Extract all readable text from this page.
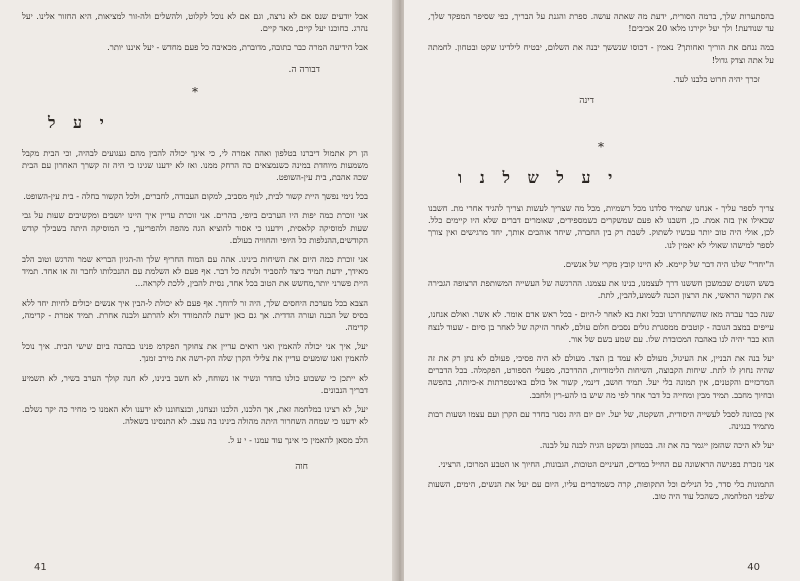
אבל יודעים שנס אם לא נרצה, וגם אם לא נוכל לקלוט, ולהשלים ולה-זור למציאות, היא החזור אלינו. יעל נהרג. כחוכנו יעל קיים, מאד קיים.

אבל הידיעה המרה כבר כתובה, מדוברת, מכאיבה כל פעם מחדש - יעל איננו יותר.

דבורה ה.
*
י ע ל

הן רק אתמול דיברנו בטלפון ואהה אמרה לי, כי אינך יכולה להבין מהם געגועים לבהיה, וכי הבית מקבל משמעות מיוחדת במינה כשנמצאים כה הרחק ממנו. ואז לא ידענו שגינו כי היה זה קשרך האחרון עם הבית שכה אהבת, בית עין-השופט.

בכל נימי נפשך היית קשור לבית, לנוף מסביב, למקום העבודה, לחברים, ולכל הקשור בחלה - בית עין-השופט.

אני זוכרת כמה יפות היו הערבים ביופי, בהרים. אני זוכרת עדיין איך היינו יושבים ומקשיבים שעות על גבי שעות למוסיקה קלאסית, וידענו כי אסור להוציא הגה מהפה ולהפריעך, כי המוסיקה היתה בשבילך קודש הקודשים,ההנלפות כל היופי והחוויה בעולם.

אני זוכרת כמה היום את השיחות בינינו. אהה עם המוח החריף שלך וה-הגיון הבריא שמר והרגש וטוב הלב מאידך, ידעת תמיד כיצד להסביר ולנתח כל דבר. אף פעם לא השלמת עם ההנכלותו לחבר זה או אחד. תמיד היית פשרני יותר,מחשש את הטוב בכל אחד, נסית להבין, ללכת לקראה...

הצבא בכל מערכת היחסים שלך, היה זר לרוחך. אף פעם לא יכולת ל-הבין איך אנשים יכולים לחיות יחד ללא בסיס של הבנה ועזרה הדדית. אך גם כאן ידעת להתמודד ולא להרתע ולבנה אחרת. תמיד אמרת - קדימה, קדימה.

יעל, איך אני יכולה להאמין ואני רואים עדיין את צחוקך הפקדמ פנינו בבהבה ביום שישי הבית. איך נוכל להאמין ואנו שומעים עדיין את צלילי הקרן שלה הק-רשה את מירב זמנך.

לא ייתכן כי ששבוע כולנו בחדר ונשיר או נשוחח, לא חשב בינינו, לא חנה קולך הערב בשיר, לא תשמיע דבריך הנבונים.

יעל, לא רצינו במלחמה זאת, אך הלכנו, הלכנו ונצחנו, ובנצחוננו לא ידענו ולא האמנו כי מחיר כה יקר נשלם. לא ידענו כי שמחה השחרור היתה מהולה בינינו בה עצב. לא התנסינו בשאלה.

הלב מסאן להאמין כי אינך עוד עמנו - י ע ל.

חוה
41

בהסתערות שלך, ברמה הסורית, ידעת מה שאתה עושה. ספרת והגנת על הבריך, כפי שסיפר המפקד שלך, עד שנודעת! ולך יעל יקירנו מלאו 20 אביבים!

במה ננחם את הוריך ואחותך? נאמין - דכוסו שנששך יבנה את השלום, יבטיח לילדינו שקט ובטחון. לחמתה על אתה וצדק גדול!

זכרך יהיה חרוט בלבנו לעד.

דינה
*
י ע ל ש ל נ ו

צריך לספר עליך - אנחנו שתמיד סלדנו מכל רשמיות, מכל מה שצריך לעשות וצריך להגיד אחרי מת. חשבנו שבאילו אין בזה אמת. כן, חשבנו לא פעם שמשקרים כשמספידים, שאומרים דברים שלא היו קיימים כלל. לכן, אולי היה טוב יותר עכשיו לשתוק. לשבת רק בין החברה, שיחד אוהבים אותך, יחד מרגישים ואין צורך לספר למישהו שאולי לא יאמין לנו.

ה"יחדי" שלנו היה דבר של קיימא. לא היינו קובץ מקרי של אנשים.

בשש השנים שבמשכן חששנו דרך לעצמנו, בנינו את עצמנו. ההרגשה של העשייה המשותפת הרצופה הגבירה את הקשר הראשי, את הרצון הכנה לשמוע,להבין, לתת.

שנה כבר עברה מאז שהשתחררנו ובכל זאת בא לאחר ל-היום - בכל ראש אדם אומר. לא אשר. ואולם אנחנו, עייפים במצב הגובה - קוטבים ממסגרת גולים נסבים חלום עולם, לאחר הזיקה של לאחר בן סיום - שעוד לנצח הוא כבר יהיה לנו באהבה המכובדת שלו. עם שמע בשם של אור.

יעל בנה את הבניין, את העיגול, מעולם לא עמד בן הצד. מעולם לא היה פסיבי, פעולם לא נתן רק את זה שהיה נחוץ לו לתת. שיחות הקבוצה, השיחות הלימודיות, ההדרכה, מפעלי הספורט, הפקמלה. בכל הדברים המרכזיים והקטנים, אין תמונה בלי יעל. תמיד חושב, דינמי, קשור אל כולם באינטפרתות א-כיותה, בהפשה ובחיוך מחבב. תמיד מבין ומחייה כל דבר אחד לפי מה שיש בו להע-רין ולחבב.

אין בכוונה לסבל לעשייה היסודית, השקטה, של יעל. יום יום היה נסגר בחדר עם הקרן ועם עצמו ושעות רבות מתמיד בנגינה.

יעל לא היכה שהזמן ייגמר בה את זה. בבטחון ובשקט הגיה לבנה על לבנה.

אני נזכרת בפגישה הראשונה עם החייל במדים, העיניים הטובות, הגבונות, החיוך או הטבע המרוכז, הרציני.

התמונות בלי סדר, כל הנילים וכל התקופות, קרה כשמדברים עליו, היום עם יעל את הנשים, הימים, השעות שלפני המלחמה, כשהכל עוד היה טוב.

40
